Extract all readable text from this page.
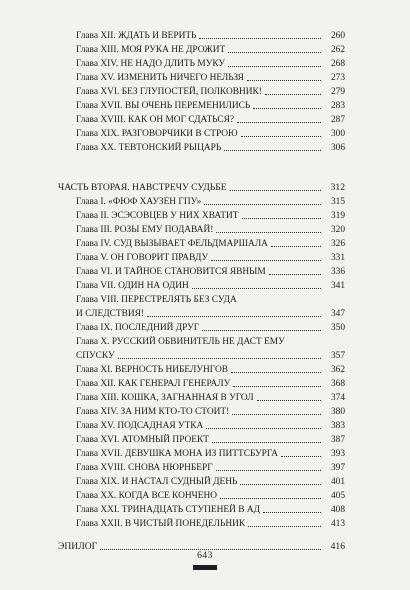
Глава XII. ЖДАТЬ И ВЕРИТЬ	260
Глава XIII. МОЯ РУКА НЕ ДРОЖИТ	262
Глава XIV. НЕ НАДО ДЛИТЬ МУКУ	268
Глава XV. ИЗМЕНИТЬ НИЧЕГО НЕЛЬЗЯ	273
Глава XVI. БЕЗ ГЛУПОСТЕЙ, ПОЛКОВНИК!	279
Глава XVII. ВЫ ОЧЕНЬ ПЕРЕМЕНИЛИСЬ	283
Глава XVIII. КАК ОН МОГ СДАТЬСЯ?	287
Глава XIX. РАЗГОВОРЧИКИ В СТРОЮ	300
Глава XX. ТЕВТОНСКИЙ РЫЦАРЬ	306
ЧАСТЬ ВТОРАЯ. НАВСТРЕЧУ СУДЬБЕ	312
Глава I. «ФЮФ ХАУЗЕН ГПУ»	315
Глава II. ЭСЭСОВЦЕВ У НИХ ХВАТИТ	319
Глава III. РОЗЫ ЕМУ ПОДАВАЙ!	320
Глава IV. СУД ВЫЗЫВАЕТ ФЕЛЬДМАРШАЛА	326
Глава V. ОН ГОВОРИТ ПРАВДУ	331
Глава VI. И ТАЙНОЕ СТАНОВИТСЯ ЯВНЫМ	336
Глава VII. ОДИН НА ОДИН	341
Глава VIII. ПЕРЕСТРЕЛЯТЬ БЕЗ СУДА
И СЛЕДСТВИЯ!	347
Глава IX. ПОСЛЕДНИЙ ДРУГ	350
Глава X. РУССКИЙ ОБВИНИТЕЛЬ НЕ ДАСТ ЕМУ
СПУСКУ	357
Глава XI. ВЕРНОСТЬ НИБЕЛУНГОВ	362
Глава XII. КАК ГЕНЕРАЛ ГЕНЕРАЛУ	368
Глава XIII. КОШКА, ЗАГНАННАЯ В УГОЛ	374
Глава XIV. ЗА НИМ КТО-ТО СТОИТ!	380
Глава XV. ПОДСАДНАЯ УТКА	383
Глава XVI. АТОМНЫЙ ПРОЕКТ	387
Глава XVII. ДЕВУШКА МОНА ИЗ ПИТТСБУРГА	393
Глава XVIII. СНОВА НЮРНБЕРГ	397
Глава XIX. И НАСТАЛ СУДНЫЙ ДЕНЬ	401
Глава XX. КОГДА ВСЕ КОНЧЕНО	405
Глава XXI. ТРИНАДЦАТЬ СТУПЕНЕЙ В АД	408
Глава XXII. В ЧИСТЫЙ ПОНЕДЕЛЬНИК	413
ЭПИЛОГ	416
643
